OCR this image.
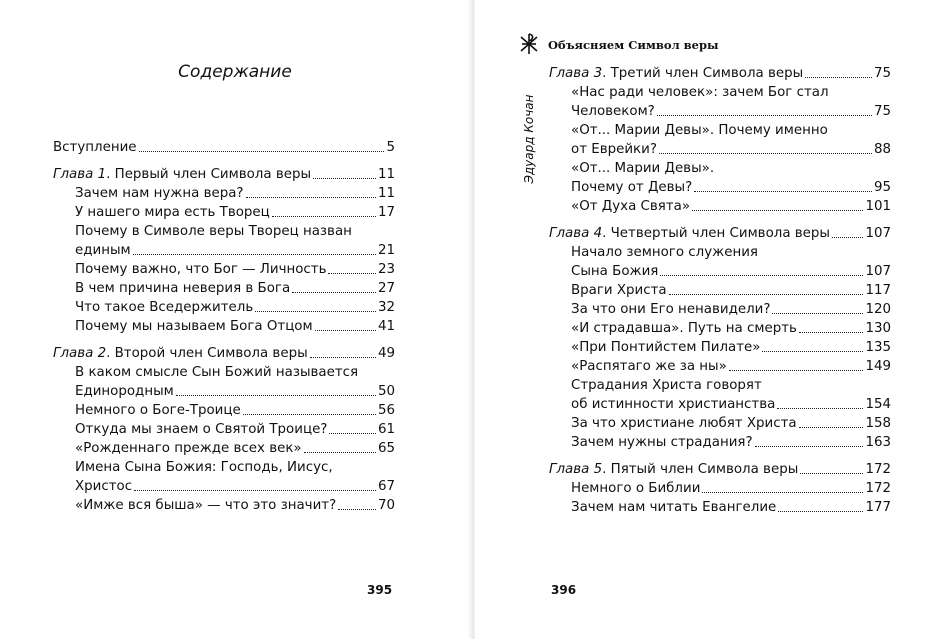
Содержание
Вступление	5
Глава 1. Первый член Символа веры	11
Зачем нам нужна вера?	11
У нашего мира есть Творец	17
Почему в Символе веры Творец назван
единым	21
Почему важно, что Бог — Личность	23
В чем причина неверия в Бога	27
Что такое Вседержитель	32
Почему мы называем Бога Отцом	41
Глава 2. Второй член Символа веры	49
В каком смысле Сын Божий называется
Единородным	50
Немного о Боге-Троице	56
Откуда мы знаем о Святой Троице?	61
«Рожденнаго прежде всех век»	65
Имена Сына Божия: Господь, Иисус,
Христос	67
«Имже вся быша» — что это значит?	70
395
Объясняем Символ веры
Эдуард Кочан
Глава 3. Третий член Символа веры	75
«Нас ради человек»: зачем Бог стал
Человеком?	75
«От... Марии Девы». Почему именно
от Еврейки?	88
«От... Марии Девы».
Почему от Девы?	95
«От Духа Свята»	101
Глава 4. Четвертый член Символа веры	107
Начало земного служения
Сына Божия	107
Враги Христа	117
За что они Его ненавидели?	120
«И страдавша». Путь на смерть	130
«При Понтийстем Пилате»	135
«Распятаго же за ны»	149
Страдания Христа говорят
об истинности христианства	154
За что христиане любят Христа	158
Зачем нужны страдания?	163
Глава 5. Пятый член Символа веры	172
Немного о Библии	172
Зачем нам читать Евангелие	177
396
